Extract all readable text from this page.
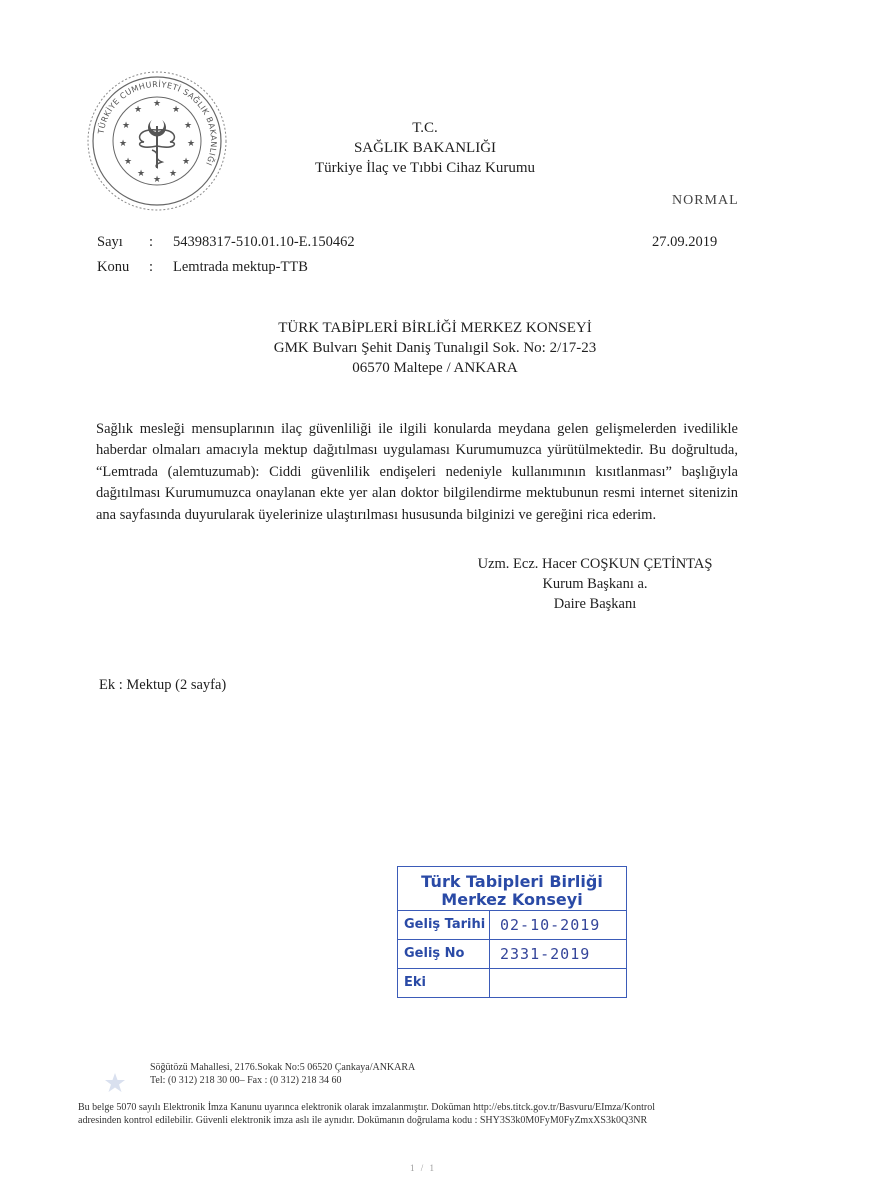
TÜRKİYE CUMHURİYETİ SAĞLIK BAKANLIĞI
★
★	★
★	★
★	★
★	★
★	★
★
T.C.
SAĞLIK BAKANLIĞI
Türkiye İlaç ve Tıbbi Cihaz Kurumu
NORMAL
Sayı : 54398317-510.01.10-E.150462
Konu : Lemtrada mektup-TTB
27.09.2019
TÜRK TABİPLERİ BİRLİĞİ MERKEZ KONSEYİ
GMK Bulvarı Şehit Daniş Tunalıgil Sok. No: 2/17-23
06570 Maltepe / ANKARA
Sağlık mesleği mensuplarının ilaç güvenliliği ile ilgili konularda meydana gelen gelişmelerden ivedilikle haberdar olmaları amacıyla mektup dağıtılması uygulaması Kurumumuzca yürütülmektedir. Bu doğrultuda, “Lemtrada (alemtuzumab): Ciddi güvenlilik endişeleri nedeniyle kullanımının kısıtlanması” başlığıyla dağıtılması Kurumumuzca onaylanan ekte yer alan doktor bilgilendirme mektubunun resmi internet sitenizin ana sayfasında duyurularak üyelerinize ulaştırılması hususunda bilginizi ve gereğini rica ederim.
Uzm. Ecz. Hacer COŞKUN ÇETİNTAŞ
Kurum Başkanı a.
Daire Başkanı
Ek : Mektup (2 sayfa)
Türk Tabipleri Birliği
Merkez Konseyi
Geliş Tarihi 02-10-2019
Geliş No	2331-2019
Eki
Söğütözü Mahallesi, 2176.Sokak No:5 06520 Çankaya/ANKARA
Tel: (0 312) 218 30 00– Fax : (0 312) 218 34 60
Bu belge 5070 sayılı Elektronik İmza Kanunu uyarınca elektronik olarak imzalanmıştır. Doküman http://ebs.titck.gov.tr/Basvuru/EImza/Kontrol
adresinden kontrol edilebilir. Güvenli elektronik imza aslı ile aynıdır. Dokümanın doğrulama kodu : SHY3S3k0M0FyM0FyZmxXS3k0Q3NR
1 / 1
